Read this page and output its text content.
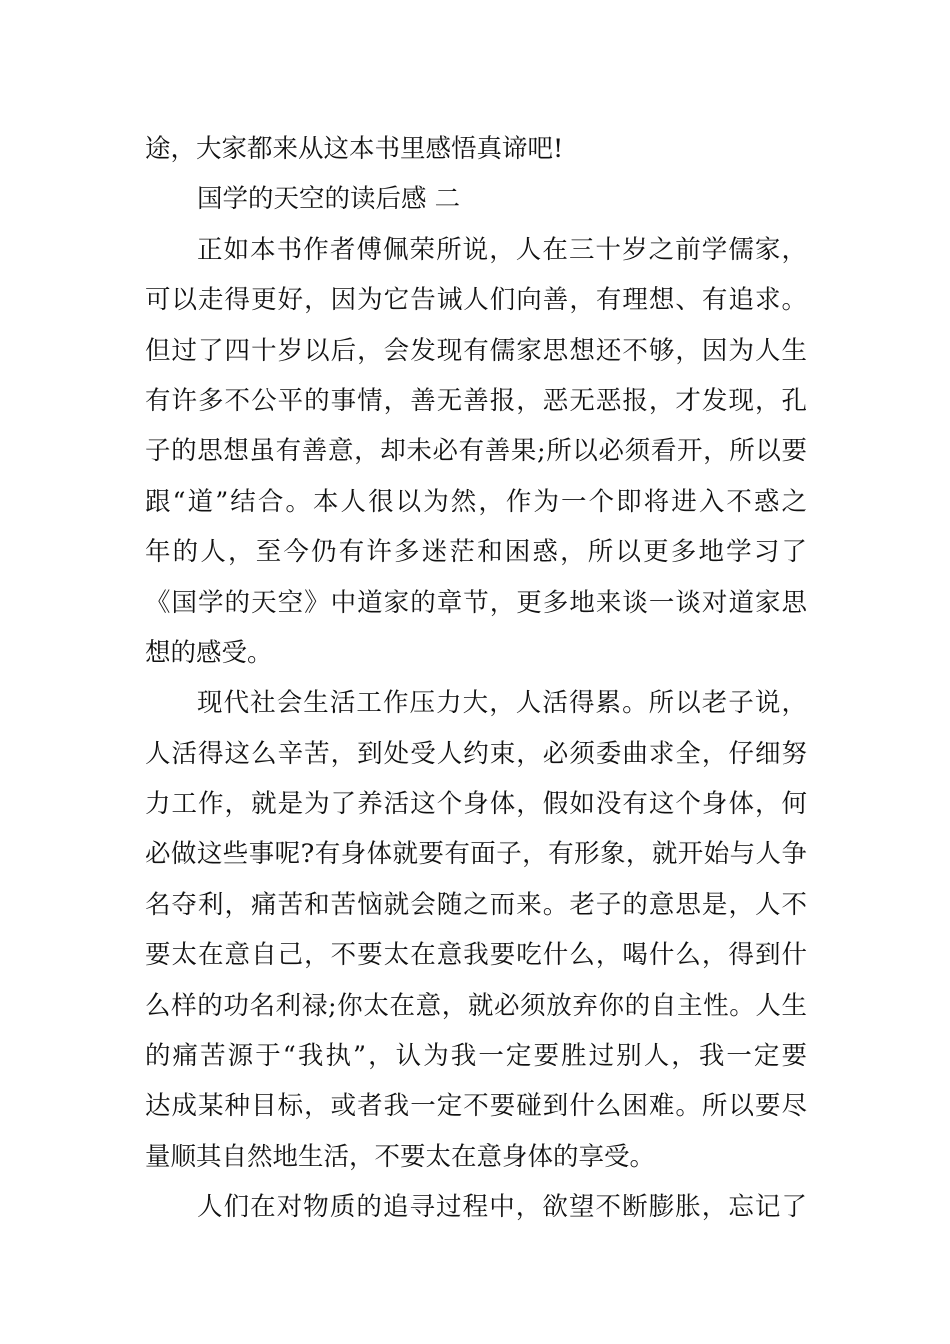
途，大家都来从这本书里感悟真谛吧!
国学的天空的读后感 二
正如本书作者傅佩荣所说，人在三十岁之前学儒家，
可以走得更好，因为它告诫人们向善，有理想、有追求。
但过了四十岁以后，会发现有儒家思想还不够，因为人生
有许多不公平的事情，善无善报，恶无恶报，才发现，孔
子的思想虽有善意，却未必有善果;所以必须看开，所以要
跟“道”结合。本人很以为然，作为一个即将进入不惑之
年的人，至今仍有许多迷茫和困惑，所以更多地学习了
《国学的天空》中道家的章节，更多地来谈一谈对道家思
想的感受。
现代社会生活工作压力大，人活得累。所以老子说，
人活得这么辛苦，到处受人约束，必须委曲求全，仔细努
力工作，就是为了养活这个身体，假如没有这个身体，何
必做这些事呢?有身体就要有面子，有形象，就开始与人争
名夺利，痛苦和苦恼就会随之而来。老子的意思是，人不
要太在意自己，不要太在意我要吃什么，喝什么，得到什
么样的功名利禄;你太在意，就必须放弃你的自主性。人生
的痛苦源于“我执”，认为我一定要胜过别人，我一定要
达成某种目标，或者我一定不要碰到什么困难。所以要尽
量顺其自然地生活，不要太在意身体的享受。
人们在对物质的追寻过程中，欲望不断膨胀，忘记了
